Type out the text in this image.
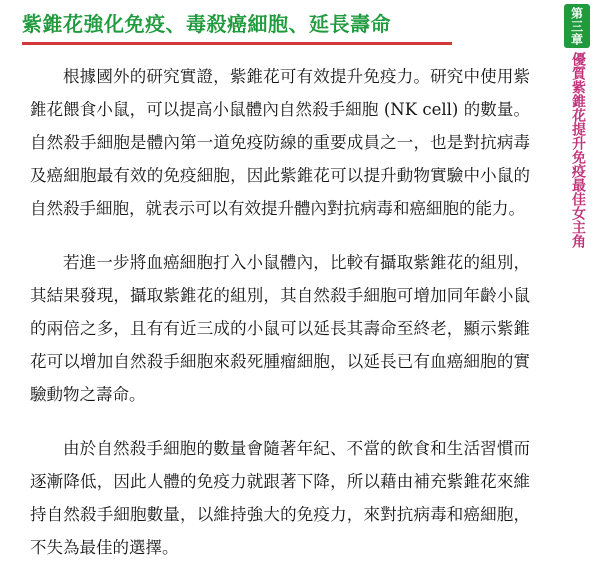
紫錐花強化免疫、毒殺癌細胞、延長壽命

根據國外的研究實證，紫錐花可有效提升免疫力。研究中使用紫錐花餵食小鼠，可以提高小鼠體內自然殺手細胞 (NK cell) 的數量。自然殺手細胞是體內第一道免疫防線的重要成員之一，也是對抗病毒及癌細胞最有效的免疫細胞，因此紫錐花可以提升動物實驗中小鼠的自然殺手細胞，就表示可以有效提升體內對抗病毒和癌細胞的能力。

若進一步將血癌細胞打入小鼠體內，比較有攝取紫錐花的組別，其結果發現，攝取紫錐花的組別，其自然殺手細胞可增加同年齡小鼠的兩倍之多，且有有近三成的小鼠可以延長其壽命至終老，顯示紫錐花可以增加自然殺手細胞來殺死腫瘤細胞，以延長已有血癌細胞的實驗動物之壽命。

由於自然殺手細胞的數量會隨著年紀、不當的飲食和生活習慣而逐漸降低，因此人體的免疫力就跟著下降，所以藉由補充紫錐花來維持自然殺手細胞數量，以維持強大的免疫力，來對抗病毒和癌細胞，不失為最佳的選擇。

第三章
優質紫錐花提升免疫最佳女主角
